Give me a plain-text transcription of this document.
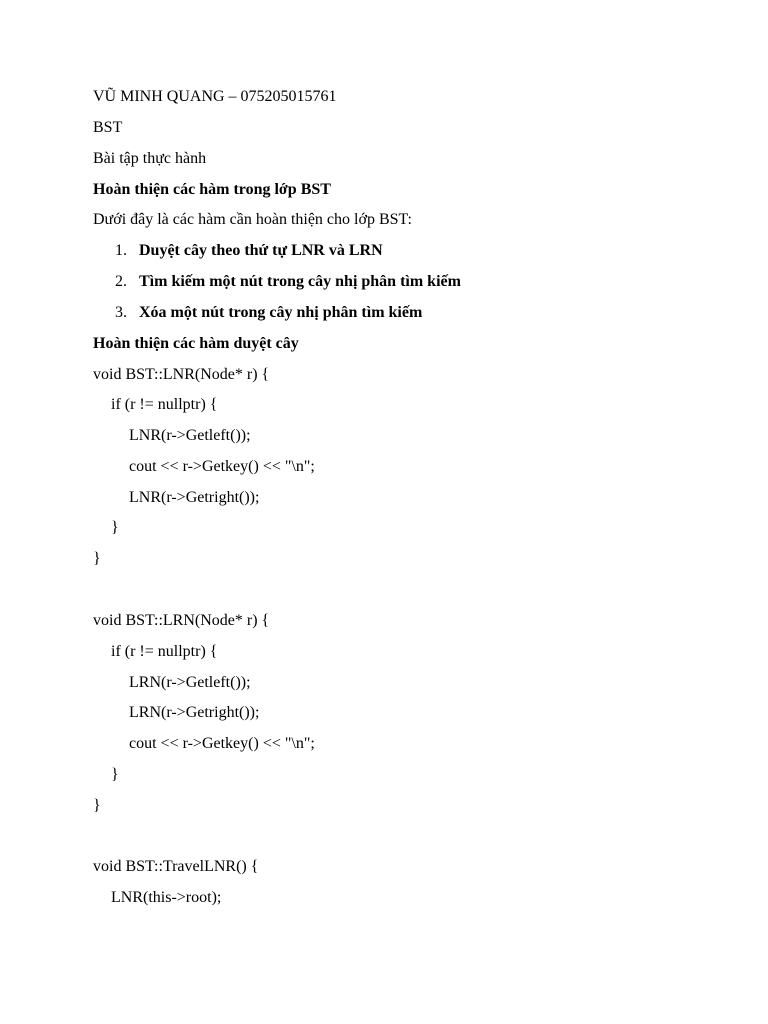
VŨ MINH QUANG – 075205015761
BST
Bài tập thực hành
Hoàn thiện các hàm trong lớp BST
Dưới đây là các hàm cần hoàn thiện cho lớp BST:
1. Duyệt cây theo thứ tự LNR và LRN
2. Tìm kiếm một nút trong cây nhị phân tìm kiếm
3. Xóa một nút trong cây nhị phân tìm kiếm
Hoàn thiện các hàm duyệt cây
void BST::LNR(Node* r) {
if (r != nullptr) {
LNR(r->Getleft());
cout << r->Getkey() << "\n";
LNR(r->Getright());
}
}
void BST::LRN(Node* r) {
if (r != nullptr) {
LRN(r->Getleft());
LRN(r->Getright());
cout << r->Getkey() << "\n";
}
}
void BST::TravelLNR() {
LNR(this->root);
